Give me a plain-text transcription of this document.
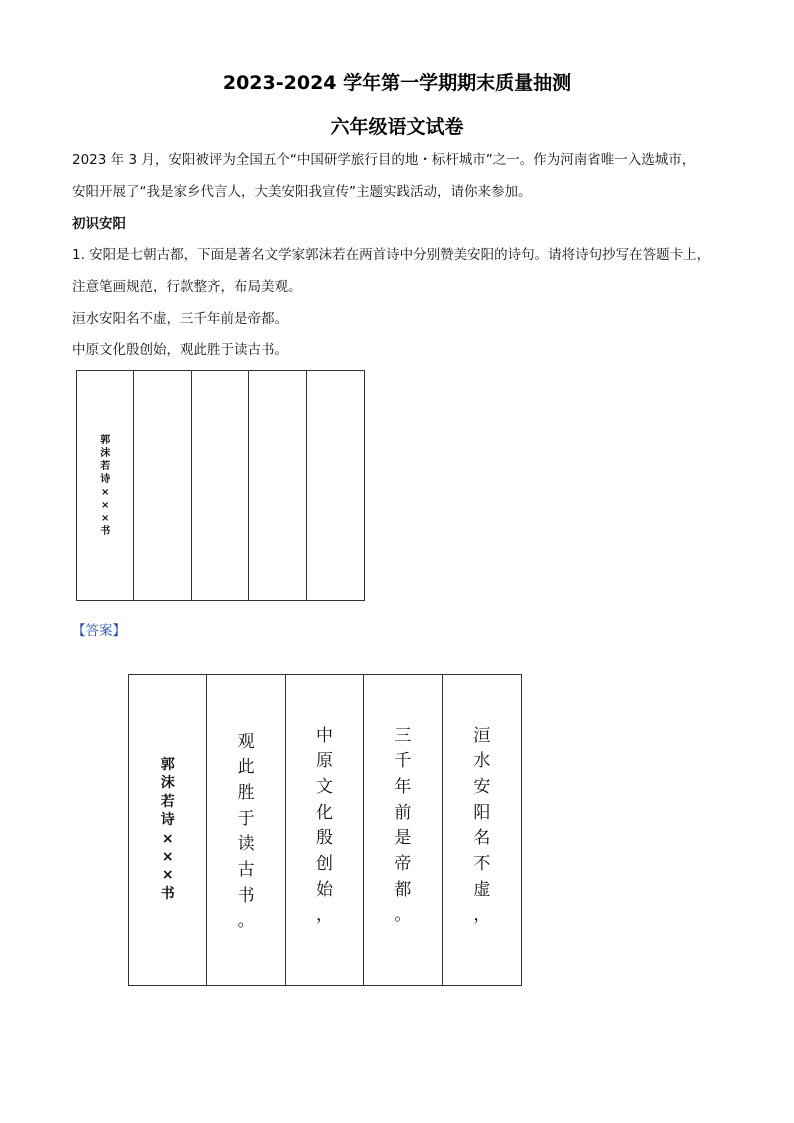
2023-2024 学年第一学期期末质量抽测
六年级语文试卷
2023 年 3 月，安阳被评为全国五个“中国研学旅行目的地・标杆城市”之一。作为河南省唯一入选城市，
安阳开展了“我是家乡代言人，大美安阳我宣传”主题实践活动，请你来参加。
初识安阳
1. 安阳是七朝古都，下面是著名文学家郭沫若在两首诗中分别赞美安阳的诗句。请将诗句抄写在答题卡上，
注意笔画规范，行款整齐，布局美观。
洹水安阳名不虚，三千年前是帝都。
中原文化殷创始，观此胜于读古书。
郭
沫
若
诗
×
×
×
书
【答案】
郭
沫
若
诗
×
×
×
书
观
此
胜
于
读
古
书
。
中
原
文
化
殷
创
始
，
三
千
年
前
是
帝
都
。
洹
水
安
阳
名
不
虚
，
